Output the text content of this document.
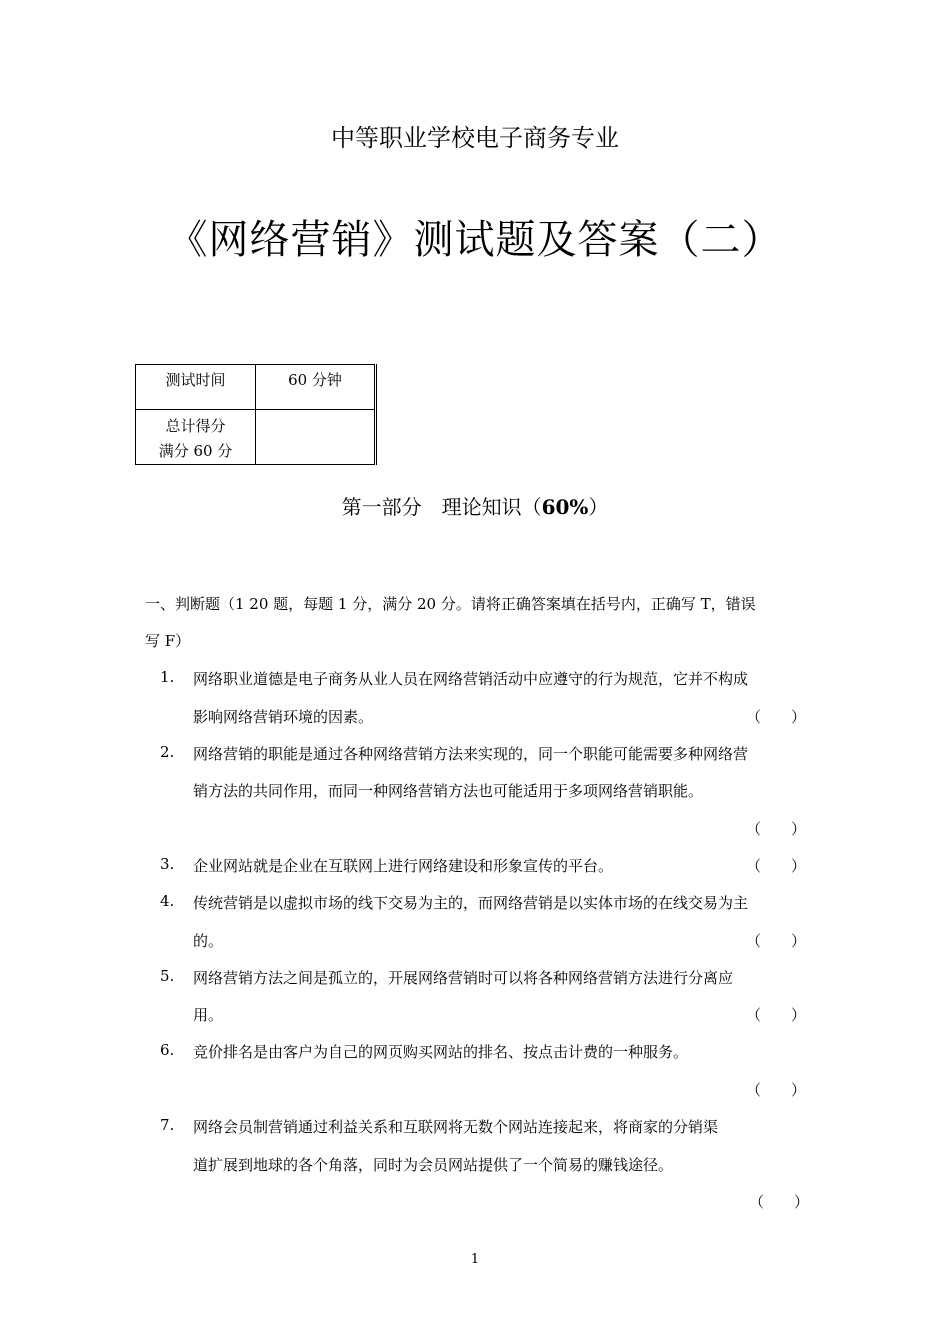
中等职业学校电子商务专业
《网络营销》测试题及答案（二）
测试时间	60 分钟

总计得分
满分 60 分	

第一部分　理论知识（60%）
一、判断题（1 20 题，每题 1 分，满分 20 分。请将正确答案填在括号内，正确写 T，错误
写 F）
1. 网络职业道德是电子商务从业人员在网络营销活动中应遵守的行为规范，它并不构成
影响网络营销环境的因素。	（　　）
2. 网络营销的职能是通过各种网络营销方法来实现的，同一个职能可能需要多种网络营
销方法的共同作用，而同一种网络营销方法也可能适用于多项网络营销职能。
（　　）
3. 企业网站就是企业在互联网上进行网络建设和形象宣传的平台。	（　　）
4. 传统营销是以虚拟市场的线下交易为主的，而网络营销是以实体市场的在线交易为主
的。	（　　）
5. 网络营销方法之间是孤立的，开展网络营销时可以将各种网络营销方法进行分离应
用。	（　　）
6. 竞价排名是由客户为自己的网页购买网站的排名、按点击计费的一种服务。
（　　）
7. 网络会员制营销通过利益关系和互联网将无数个网站连接起来，将商家的分销渠
道扩展到地球的各个角落，同时为会员网站提供了一个简易的赚钱途径。
（　　）
1
